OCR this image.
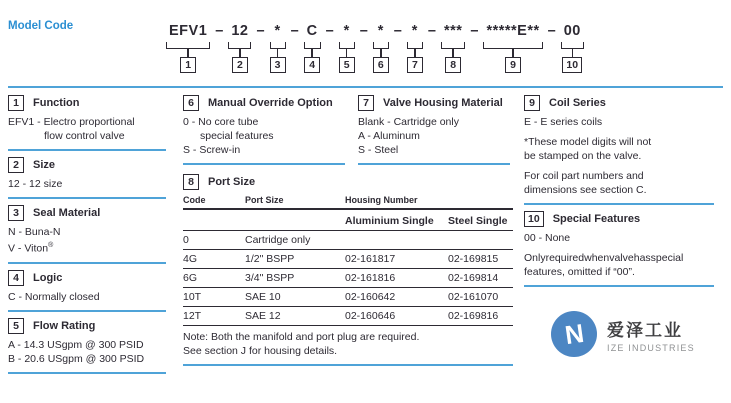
Model Code	EFV1
1
– 12
2
– *
3
– C
4
– *
5
– *
6
– *
7
– ***
8
– *****E**
9
– 00
10
1	Function
EFV1 - Electro proportional
flow control valve
2	Size
12 - 12 size
3	Seal Material
N - Buna-N
V - Viton®
4	Logic
C - Normally closed
5	Flow Rating
A - 14.3 USgpm @ 300 PSID
B - 20.6 USgpm @ 300 PSID
6	Manual Override Option
0 - No core tube
special features
S - Screw-in
8	Port Size
Code	Port Size	Housing Number
Aluminium Single	Steel Single
0	Cartridge only
4G	1/2" BSPP	02-161817	02-169815
6G	3/4" BSPP	02-161816	02-169814
10T	SAE 10	02-160642	02-161070
12T	SAE 12	02-160646	02-169816
Note: Both the manifold and port plug are required.
See section J for housing details.
7	Valve Housing Material
Blank - Cartridge only
A - Aluminum
S - Steel
9	Coil Series
E - E series coils
*These model digits will not
be stamped on the valve.
For coil part numbers and
dimensions see section C.
10	Special Features
00 - None
Onlyrequiredwhenvalvehasspecial
features, omitted if “00”.
N 爱泽工业
IZE INDUSTRIES
